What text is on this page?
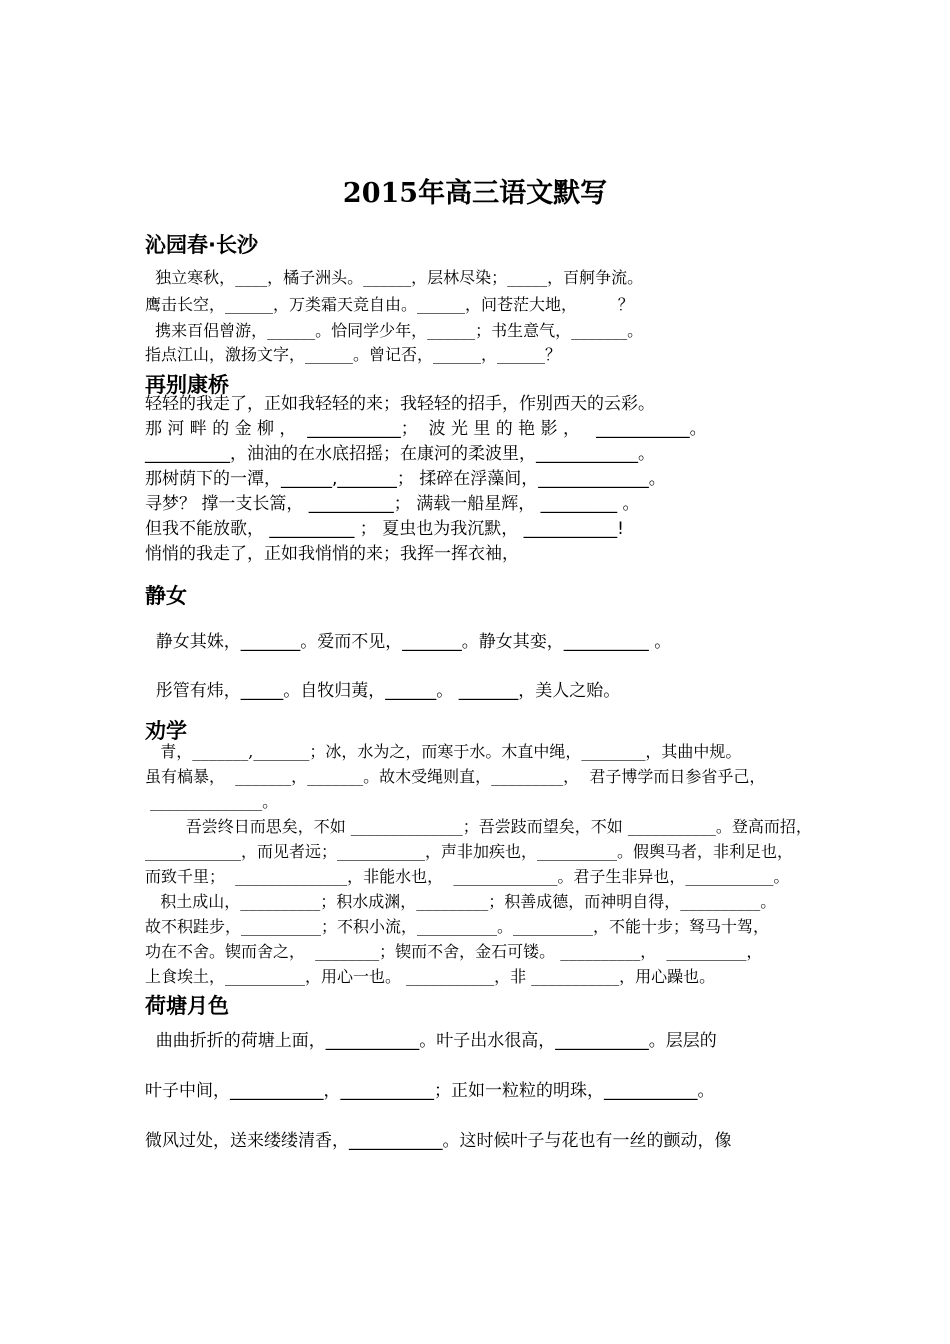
2015年高三语文默写
沁园春·长沙
独立寒秋，____，橘子洲头。______，层林尽染；_____，百舸争流。
鹰击长空，______，万类霜天竞自由。______，问苍茫大地，        ？
携来百侣曾游，______。恰同学少年，______；书生意气，_______。
指点江山，激扬文字，______。曾记否，______，______？
再别康桥
轻轻的我走了，正如我轻轻的来；我轻轻的招手，作别西天的云彩。
那 河 畔 的 金 柳 ，  ___________；  波 光 里 的 艳 影 ，   ___________。
__________，油油的在水底招摇；在康河的柔波里，____________。
那树荫下的一潭，______,_______； 揉碎在浮藻间，_____________。
寻梦？ 撑一支长篙， __________； 满载一船星辉， _________ 。
但我不能放歌， __________ ； 夏虫也为我沉默， ___________!
悄悄的我走了，正如我悄悄的来；我挥一挥衣袖，
静女
静女其姝，_______。爱而不见，_______。静女其娈，__________ 。
彤管有炜，_____。自牧归荑，______。 _______，美人之贻。
劝学
青，_______,_______；冰，水为之，而寒于水。木直中绳，________，其曲中规。
虽有槁暴，  _______，_______。故木受绳则直，_________，  君子博学而日参省乎己，
______________。
吾尝终日而思矣，不如 ______________；吾尝跂而望矣，不如 ___________。登高而招，
____________，而见者远；___________，声非加疾也，__________。假舆马者，非利足也，
而致千里；  ______________，非能水也，  _____________。君子生非异也，___________。
积土成山，__________；积水成渊，_________；积善成德，而神明自得，__________。
故不积跬步，__________；不积小流，__________。__________，不能十步；驽马十驾，
功在不舍。锲而舍之，  ________；锲而不舍，金石可镂。 __________，  __________，
上食埃土，__________，用心一也。 ___________，非 ___________，用心躁也。
荷塘月色
曲曲折折的荷塘上面，___________。叶子出水很高，___________。层层的
叶子中间，___________，___________；正如一粒粒的明珠，___________。
微风过处，送来缕缕清香，___________。这时候叶子与花也有一丝的颤动，像
